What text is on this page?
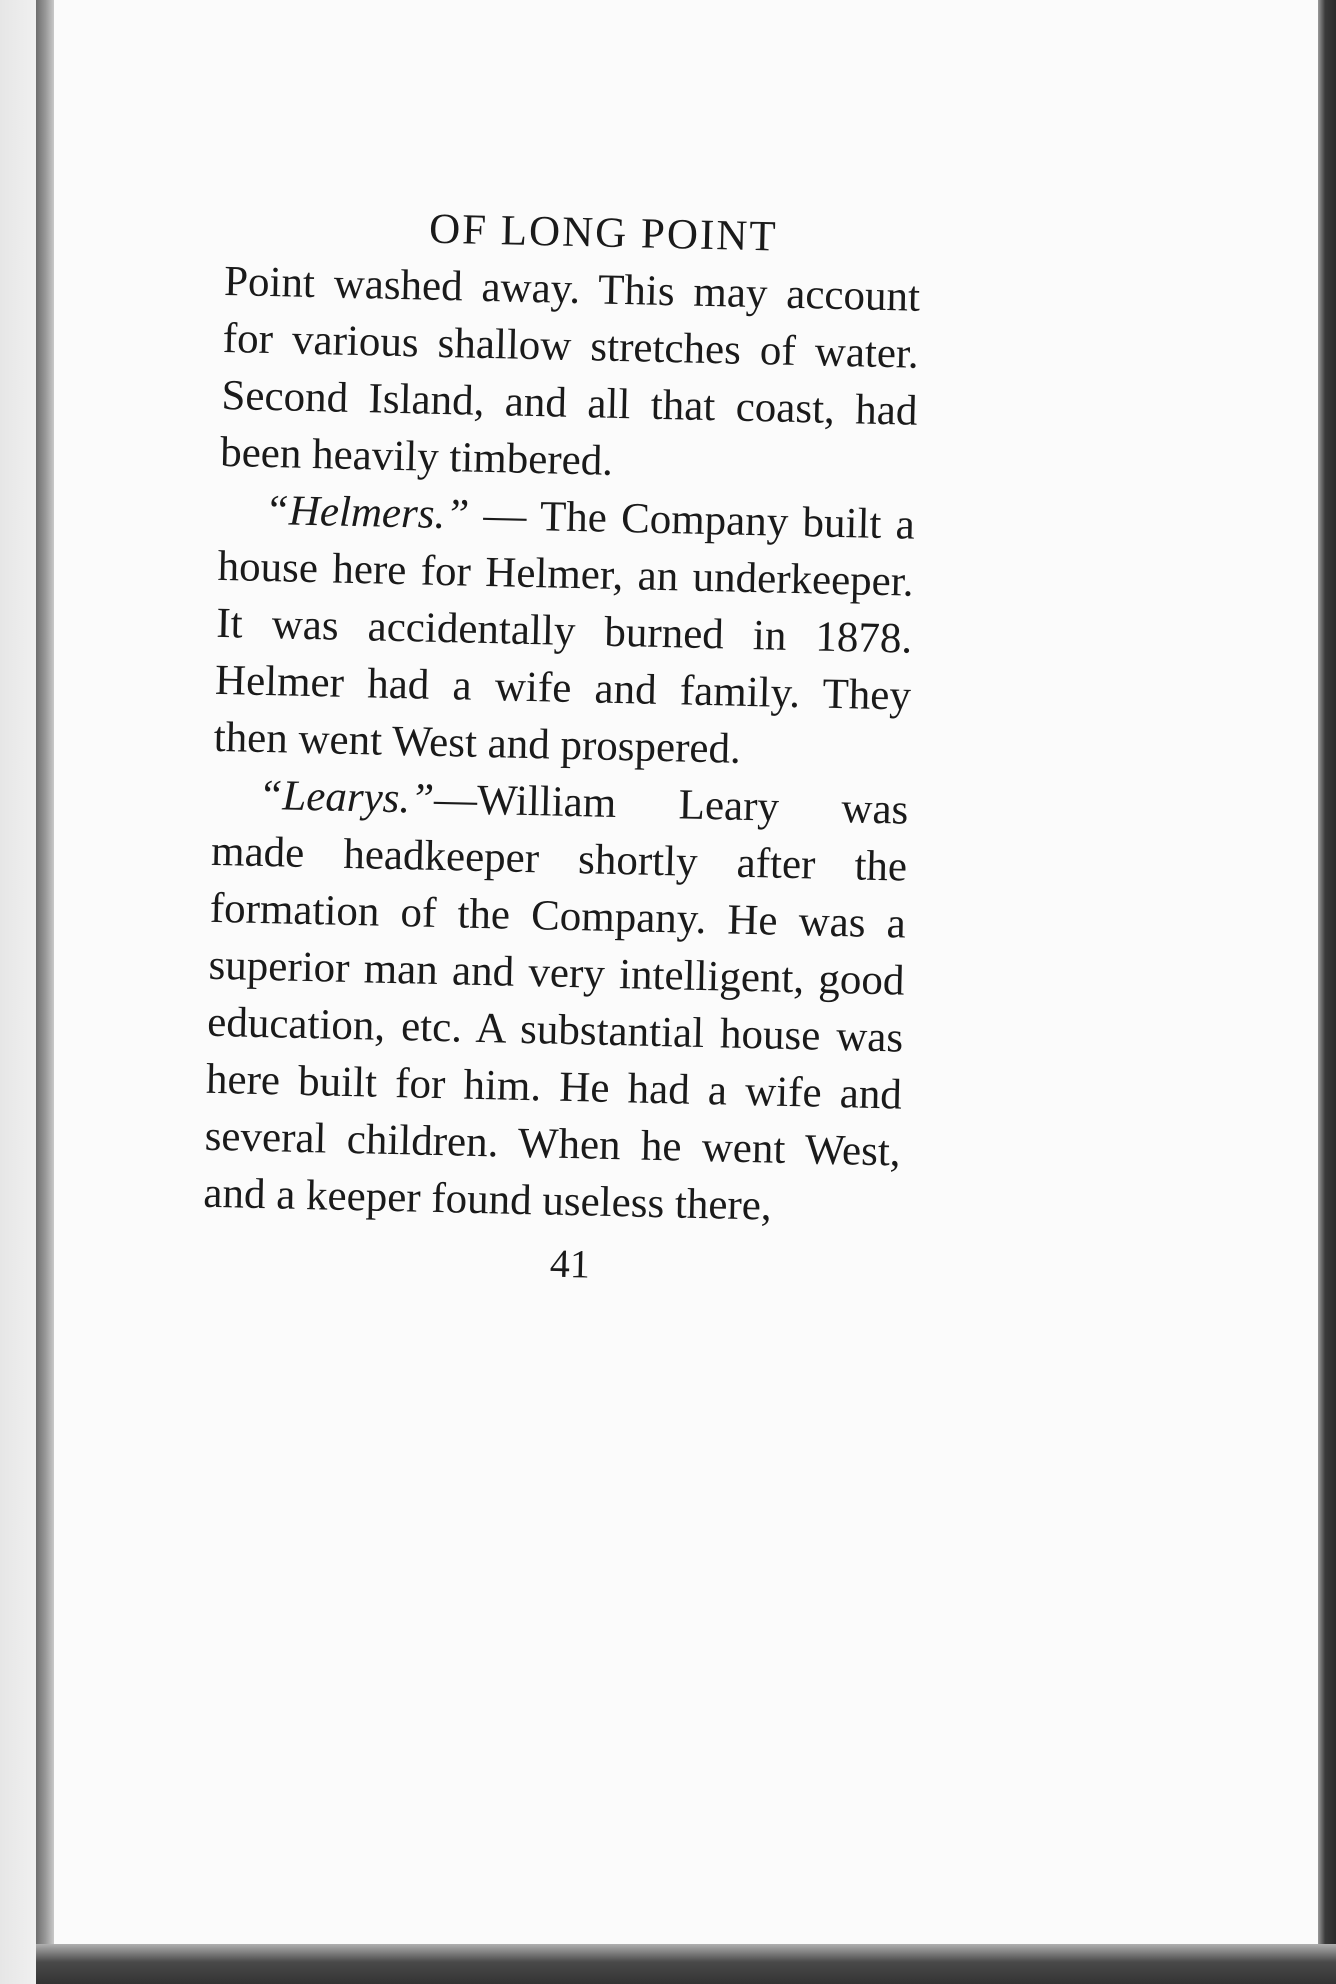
OF LONG POINT

Point washed away. This may account for various shallow stretches of water. Second Island, and all that coast, had been heavily timbered.

“Helmers.” — The Company built a house here for Helmer, an underkeeper. It was accidentally burned in 1878. Helmer had a wife and family. They then went West and prospered.

“Learys.”—William Leary was made headkeeper shortly after the formation of the Company. He was a superior man and very intelligent, good education, etc. A substantial house was here built for him. He had a wife and several children. When he went West, and a keeper found useless there,

41
